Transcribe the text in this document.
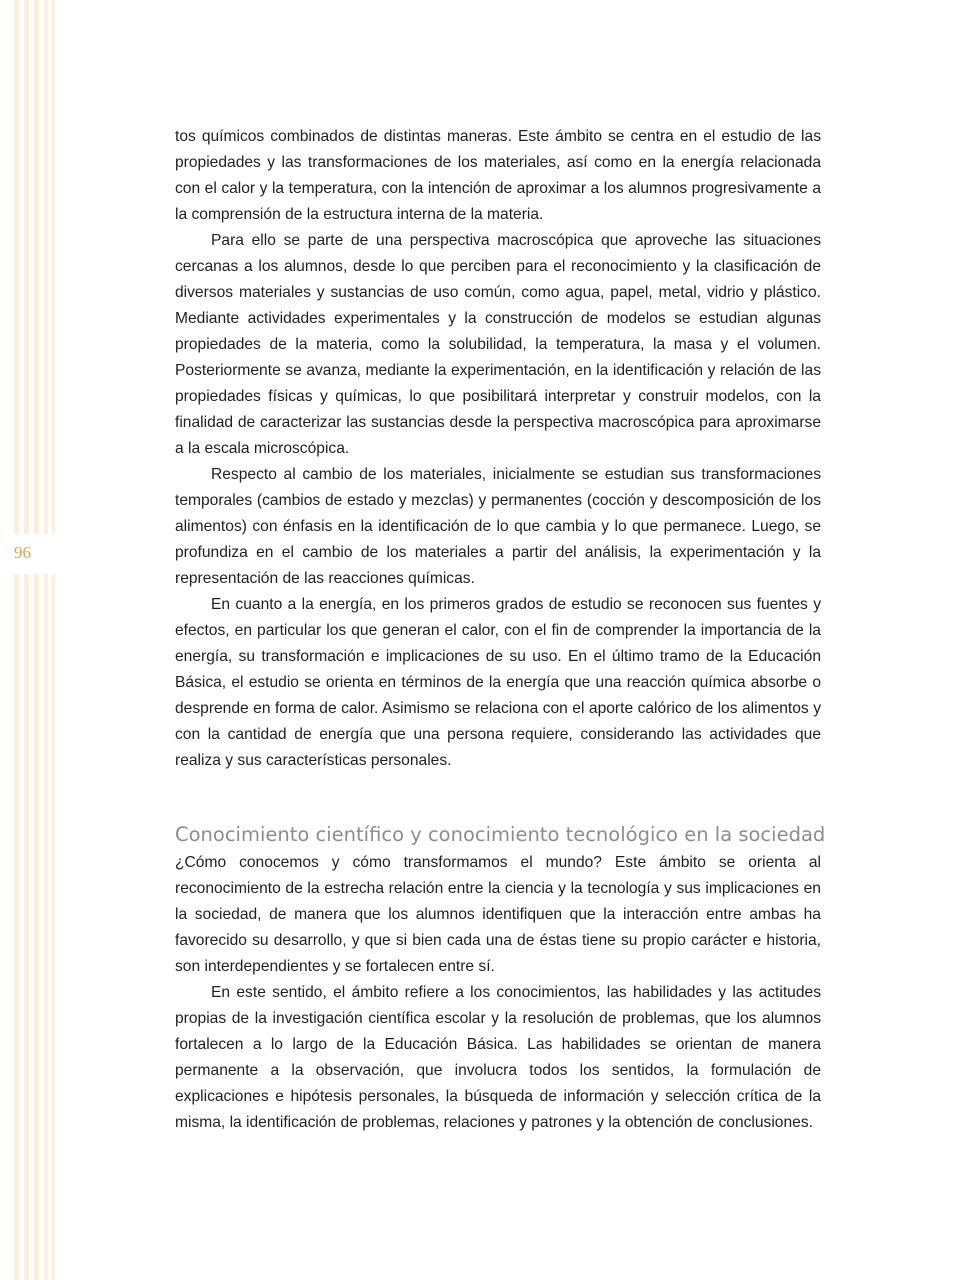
96

tos químicos combinados de distintas maneras. Este ámbito se centra en el estudio de las propiedades y las transformaciones de los materiales, así como en la energía relacionada con el calor y la temperatura, con la intención de aproximar a los alumnos progresivamente a la comprensión de la estructura interna de la materia.

Para ello se parte de una perspectiva macroscópica que aproveche las situaciones cercanas a los alumnos, desde lo que perciben para el reconocimiento y la clasificación de diversos materiales y sustancias de uso común, como agua, papel, metal, vidrio y plástico. Mediante actividades experimentales y la construcción de modelos se estudian algunas propiedades de la materia, como la solubilidad, la temperatura, la masa y el volumen. Posteriormente se avanza, mediante la experimentación, en la identificación y relación de las propiedades físicas y químicas, lo que posibilitará interpretar y construir modelos, con la finalidad de caracterizar las sustancias desde la perspectiva macroscópica para aproximarse a la escala microscópica.

Respecto al cambio de los materiales, inicialmente se estudian sus transformaciones temporales (cambios de estado y mezclas) y permanentes (cocción y descomposición de los alimentos) con énfasis en la identificación de lo que cambia y lo que permanece. Luego, se profundiza en el cambio de los materiales a partir del análisis, la experimentación y la representación de las reacciones químicas.

En cuanto a la energía, en los primeros grados de estudio se reconocen sus fuentes y efectos, en particular los que generan el calor, con el fin de comprender la importancia de la energía, su transformación e implicaciones de su uso. En el último tramo de la Educación Básica, el estudio se orienta en términos de la energía que una reacción química absorbe o desprende en forma de calor. Asimismo se relaciona con el aporte calórico de los alimentos y con la cantidad de energía que una persona requiere, considerando las actividades que realiza y sus características personales.

Conocimiento científico y conocimiento tecnológico en la sociedad

¿Cómo conocemos y cómo transformamos el mundo? Este ámbito se orienta al reconocimiento de la estrecha relación entre la ciencia y la tecnología y sus implicaciones en la sociedad, de manera que los alumnos identifiquen que la interacción entre ambas ha favorecido su desarrollo, y que si bien cada una de éstas tiene su propio carácter e historia, son interdependientes y se fortalecen entre sí.

En este sentido, el ámbito refiere a los conocimientos, las habilidades y las actitudes propias de la investigación científica escolar y la resolución de problemas, que los alumnos fortalecen a lo largo de la Educación Básica. Las habilidades se orientan de manera permanente a la observación, que involucra todos los sentidos, la formulación de explicaciones e hipótesis personales, la búsqueda de información y selección crítica de la misma, la identificación de problemas, relaciones y patrones y la obtención de conclusiones.
